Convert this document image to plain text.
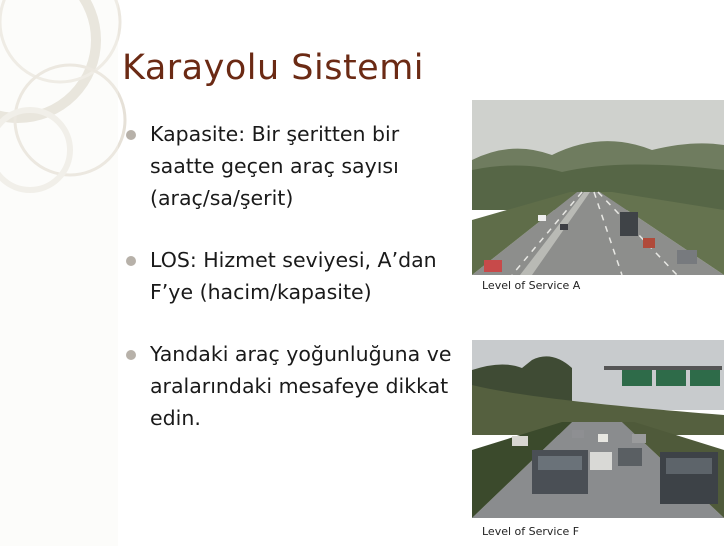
Karayolu Sistemi
Kapasite: Bir şeritten bir saatte geçen araç sayısı (araç/sa/şerit)
LOS: Hizmet seviyesi, A’dan F’ye (hacim/kapasite)
Yandaki araç yoğunluğuna ve aralarındaki mesafeye dikkat edin.
Level of Service A
Level of Service F
